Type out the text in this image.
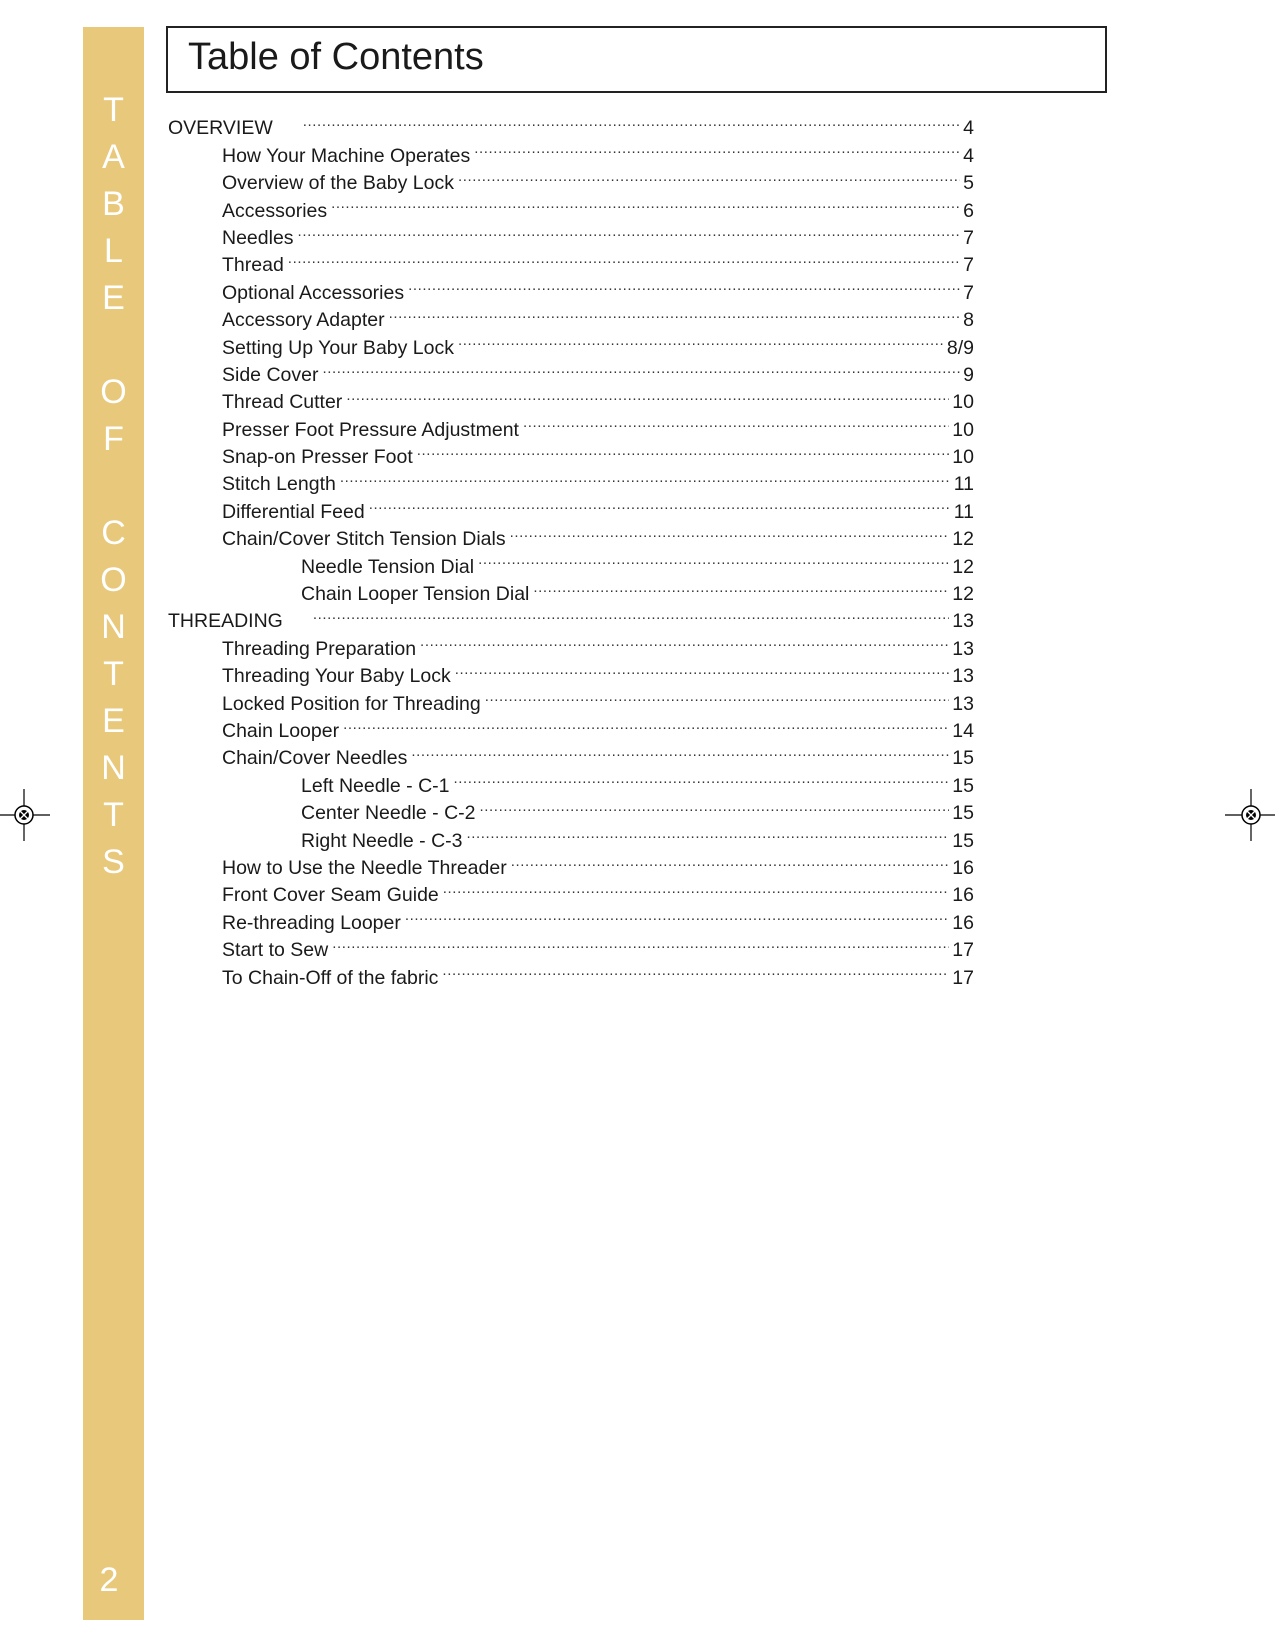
T
A
B
L
E
O
F
C
O
N
T
E
N
T
S
2
Table of Contents
OVERVIEW .....	4
How Your Machine Operates .....	4
Overview of the Baby Lock .....	5
Accessories .....	6
Needles .....	7
Thread .....	7
Optional Accessories .....	7
Accessory Adapter .....	8
Setting Up Your Baby Lock .....	8/9
Side Cover .....	9
Thread Cutter .....	10
Presser Foot Pressure Adjustment .....	10
Snap-on Presser Foot .....	10
Stitch Length .....	11
Differential Feed .....	11
Chain/Cover Stitch Tension Dials .....	12
Needle Tension Dial .....	12
Chain Looper Tension Dial .....	12
THREADING .....	13
Threading Preparation .....	13
Threading Your Baby Lock .....	13
Locked Position for Threading .....	13
Chain Looper .....	14
Chain/Cover Needles .....	15
Left Needle - C-1 .....	15
Center Needle - C-2 .....	15
Right Needle - C-3 .....	15
How to Use the Needle Threader .....	16
Front Cover Seam Guide .....	16
Re-threading Looper .....	16
Start to Sew .....	17
To Chain-Off of the fabric .....	17
